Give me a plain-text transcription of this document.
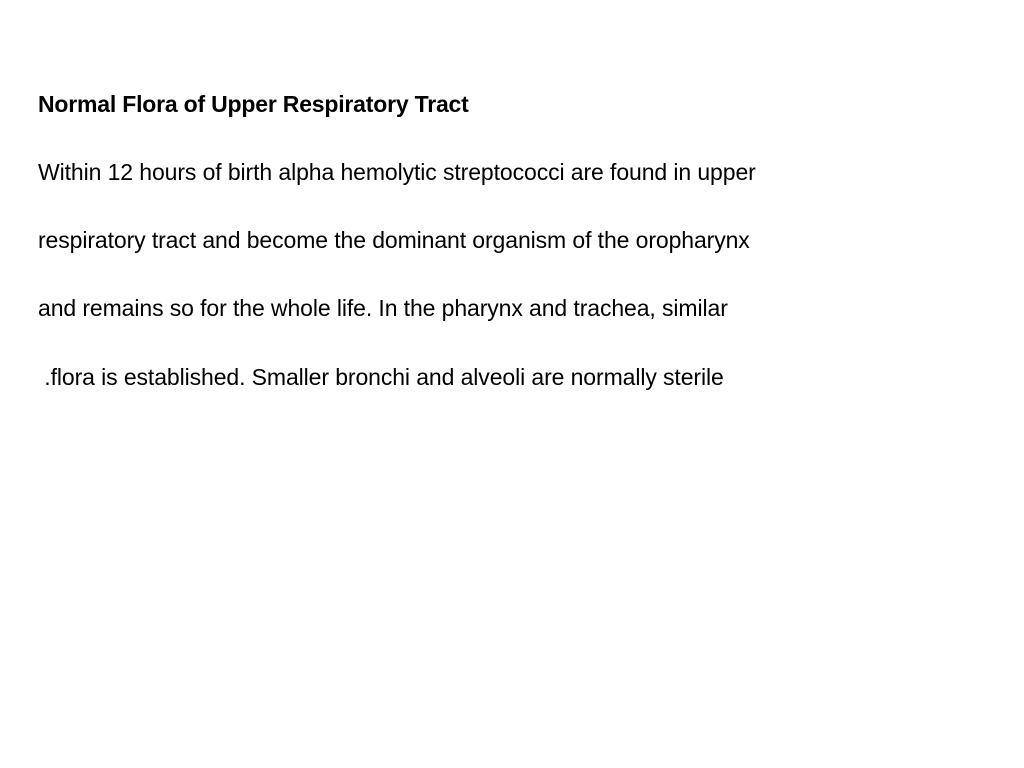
Normal Flora of Upper Respiratory Tract
Within 12 hours of birth alpha hemolytic streptococci are found in upper
respiratory tract and become the dominant organism of the oropharynx
and remains so for the whole life. In the pharynx and trachea, similar
.flora is established. Smaller bronchi and alveoli are normally sterile
